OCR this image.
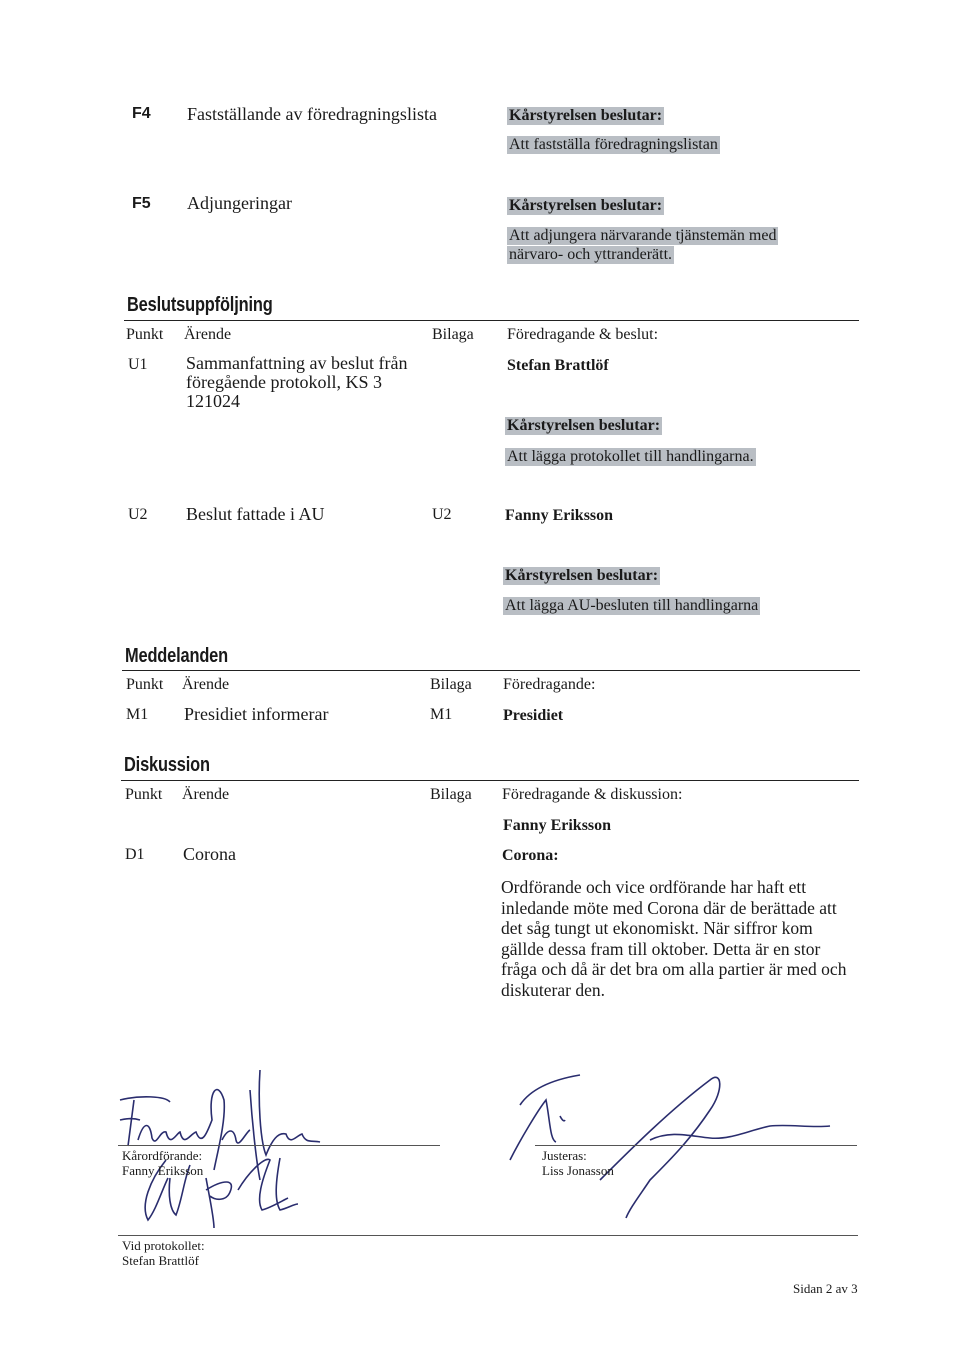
F4 Fastställande av föredragningslista	Kårstyrelsen beslutar:
Att fastställa föredragningslistan
F5 Adjungeringar	Kårstyrelsen beslutar:
Att adjungera närvarande tjänstemän med
närvaro- och yttranderätt.
Beslutsuppföljning
Punkt Ärende	Bilaga Föredragande & beslut:
U1 Sammanfattning av beslut från
föregående protokoll, KS 3
121024
Stefan Brattlöf
Kårstyrelsen beslutar:
Att lägga protokollet till handlingarna.
U2 Beslut fattade i AU	U2	Fanny Eriksson
Kårstyrelsen beslutar:
Att lägga AU-besluten till handlingarna
Meddelanden
Punkt Ärende	Bilaga Föredragande:
M1 Presidiet informerar	M1	Presidiet
Diskussion
Punkt Ärende	Bilaga Föredragande & diskussion:
Fanny Eriksson
D1 Corona	Corona:
Ordförande och vice ordförande har haft ett
inledande möte med Corona där de berättade att
det såg tungt ut ekonomiskt. När siffror kom
gällde dessa fram till oktober. Detta är en stor
fråga och då är det bra om alla partier är med och
diskuterar den.
Kårordförande:
Fanny Eriksson
Justeras:
Liss Jonasson
Vid protokollet:
Stefan Brattlöf
Sidan 2 av 3
